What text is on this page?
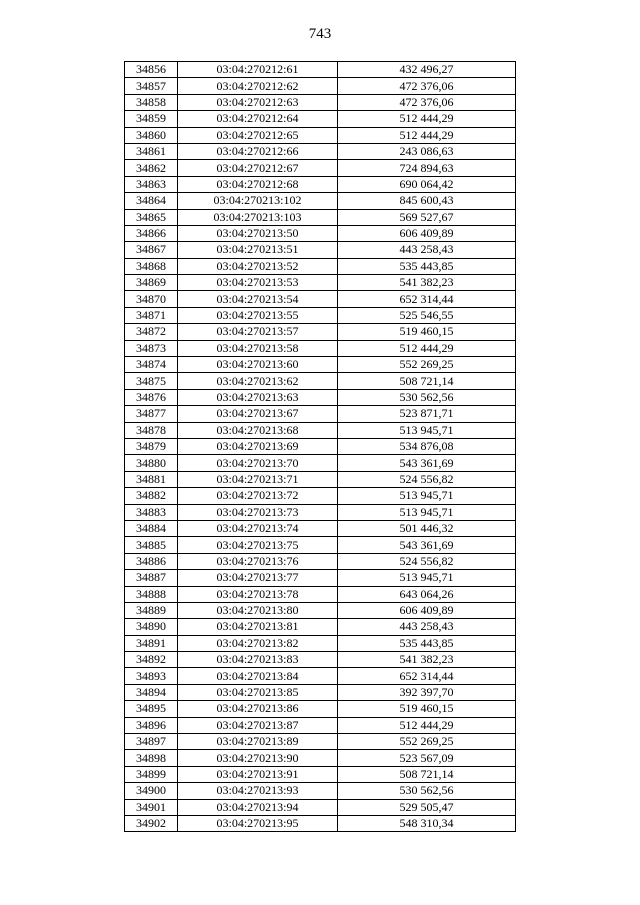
743
34856	03:04:270212:61	432 496,27
34857	03:04:270212:62	472 376,06
34858	03:04:270212:63	472 376,06
34859	03:04:270212:64	512 444,29
34860	03:04:270212:65	512 444,29
34861	03:04:270212:66	243 086,63
34862	03:04:270212:67	724 894,63
34863	03:04:270212:68	690 064,42
34864	03:04:270213:102	845 600,43
34865	03:04:270213:103	569 527,67
34866	03:04:270213:50	606 409,89
34867	03:04:270213:51	443 258,43
34868	03:04:270213:52	535 443,85
34869	03:04:270213:53	541 382,23
34870	03:04:270213:54	652 314,44
34871	03:04:270213:55	525 546,55
34872	03:04:270213:57	519 460,15
34873	03:04:270213:58	512 444,29
34874	03:04:270213:60	552 269,25
34875	03:04:270213:62	508 721,14
34876	03:04:270213:63	530 562,56
34877	03:04:270213:67	523 871,71
34878	03:04:270213:68	513 945,71
34879	03:04:270213:69	534 876,08
34880	03:04:270213:70	543 361,69
34881	03:04:270213:71	524 556,82
34882	03:04:270213:72	513 945,71
34883	03:04:270213:73	513 945,71
34884	03:04:270213:74	501 446,32
34885	03:04:270213:75	543 361,69
34886	03:04:270213:76	524 556,82
34887	03:04:270213:77	513 945,71
34888	03:04:270213:78	643 064,26
34889	03:04:270213:80	606 409,89
34890	03:04:270213:81	443 258,43
34891	03:04:270213:82	535 443,85
34892	03:04:270213:83	541 382,23
34893	03:04:270213:84	652 314,44
34894	03:04:270213:85	392 397,70
34895	03:04:270213:86	519 460,15
34896	03:04:270213:87	512 444,29
34897	03:04:270213:89	552 269,25
34898	03:04:270213:90	523 567,09
34899	03:04:270213:91	508 721,14
34900	03:04:270213:93	530 562,56
34901	03:04:270213:94	529 505,47
34902	03:04:270213:95	548 310,34
